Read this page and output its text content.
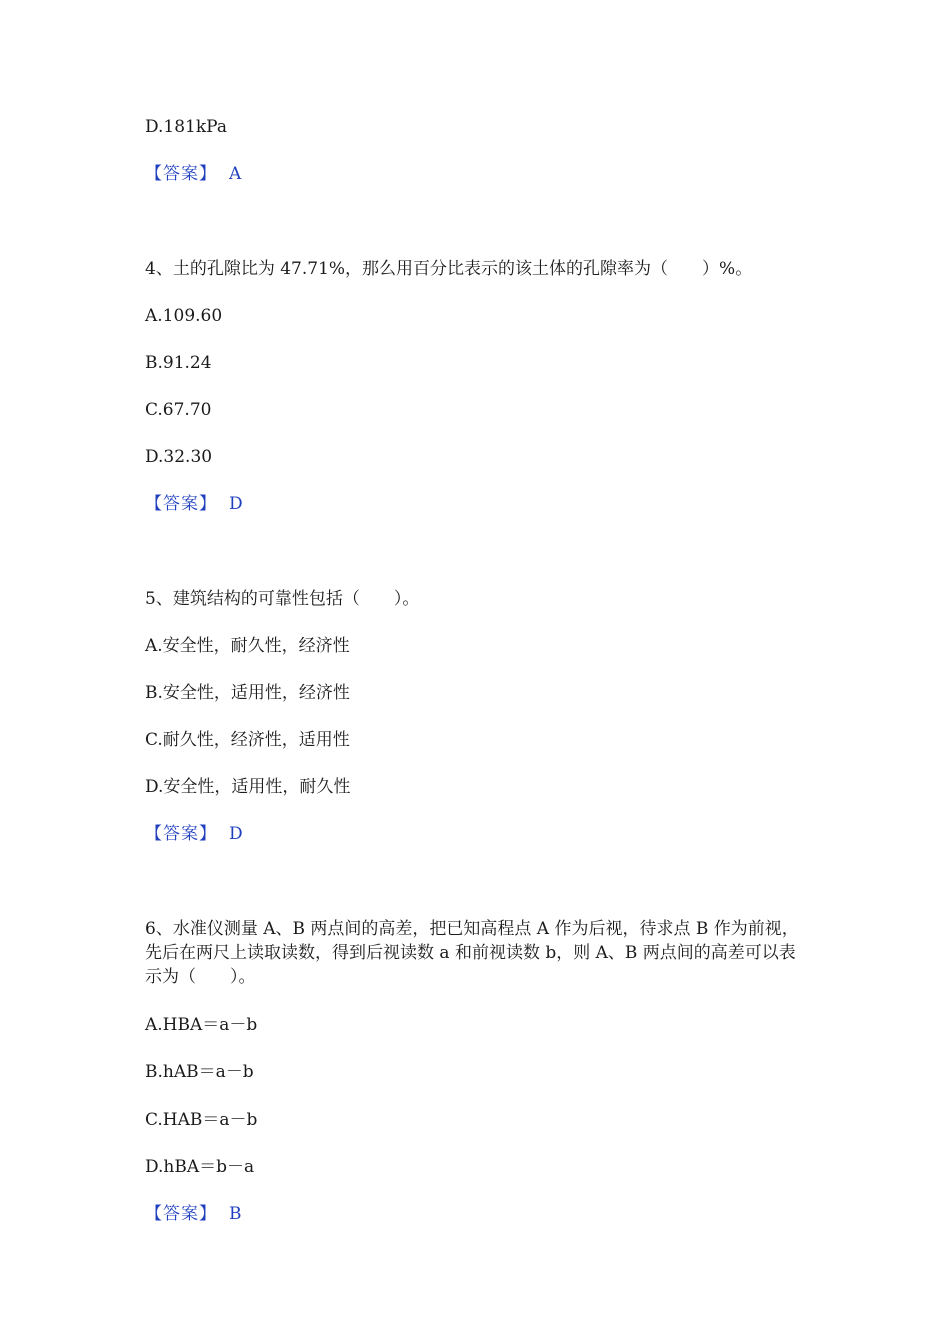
D.181kPa
【答案】 A
4、土的孔隙比为 47.71%，那么用百分比表示的该土体的孔隙率为（　　）%。
A.109.60
B.91.24
C.67.70
D.32.30
【答案】 D
5、建筑结构的可靠性包括（　　）。
A.安全性，耐久性，经济性
B.安全性，适用性，经济性
C.耐久性，经济性，适用性
D.安全性，适用性，耐久性
【答案】 D
6、水准仪测量 A、B 两点间的高差，把已知高程点 A 作为后视，待求点 B 作为前视，先后在两尺上读取读数，得到后视读数 a 和前视读数 b，则 A、B 两点间的高差可以表示为（　　）。
A.HBA＝a－b
B.hAB＝a－b
C.HAB＝a－b
D.hBA＝b－a
【答案】 B
